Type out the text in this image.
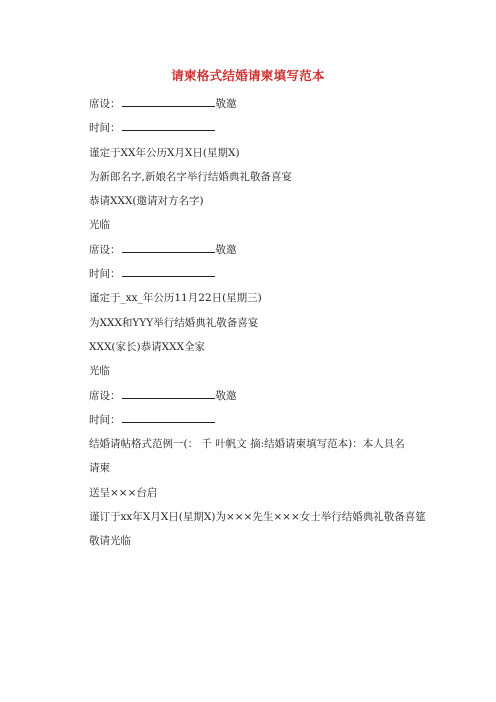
请柬格式结婚请柬填写范本

席设：	敬邀

时间：

谨定于XX年公历X月X日(星期X)

为新郎名字,新娘名字举行结婚典礼敬备喜宴

恭请XXX(邀请对方名字)

光临

席设：	敬邀

时间：

谨定于_xx_年公历11月22日(星期三)

为XXX和YYY举行结婚典礼敬备喜宴

XXX(家长)恭请XXX全家

光临

席设：	敬邀

时间：

结婚请帖格式范例一(： 千 叶帆文 摘:结婚请柬填写范本)：本人具名

请柬

送呈×××台启

谨订于xx年X月X日(星期X)为×××先生×××女士举行结婚典礼敬备喜筵

敬请光临
